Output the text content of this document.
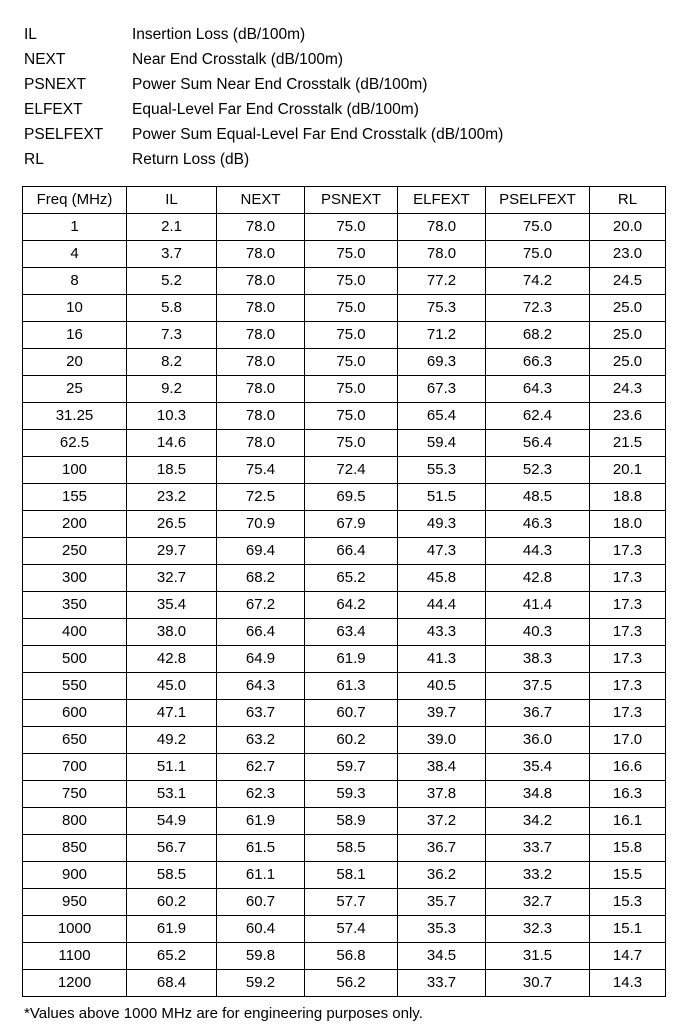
IL	Insertion Loss (dB/100m)
NEXT	Near End Crosstalk (dB/100m)
PSNEXT	Power Sum Near End Crosstalk (dB/100m)
ELFEXT	Equal-Level Far End Crosstalk (dB/100m)
PSELFEXT	Power Sum Equal-Level Far End Crosstalk (dB/100m)
RL	Return Loss (dB)
Freq (MHz)	IL	NEXT	PSNEXT	ELFEXT	PSELFEXT	RL
1	2.1	78.0	75.0	78.0	75.0	20.0
4	3.7	78.0	75.0	78.0	75.0	23.0
8	5.2	78.0	75.0	77.2	74.2	24.5
10	5.8	78.0	75.0	75.3	72.3	25.0
16	7.3	78.0	75.0	71.2	68.2	25.0
20	8.2	78.0	75.0	69.3	66.3	25.0
25	9.2	78.0	75.0	67.3	64.3	24.3
31.25	10.3	78.0	75.0	65.4	62.4	23.6
62.5	14.6	78.0	75.0	59.4	56.4	21.5
100	18.5	75.4	72.4	55.3	52.3	20.1
155	23.2	72.5	69.5	51.5	48.5	18.8
200	26.5	70.9	67.9	49.3	46.3	18.0
250	29.7	69.4	66.4	47.3	44.3	17.3
300	32.7	68.2	65.2	45.8	42.8	17.3
350	35.4	67.2	64.2	44.4	41.4	17.3
400	38.0	66.4	63.4	43.3	40.3	17.3
500	42.8	64.9	61.9	41.3	38.3	17.3
550	45.0	64.3	61.3	40.5	37.5	17.3
600	47.1	63.7	60.7	39.7	36.7	17.3
650	49.2	63.2	60.2	39.0	36.0	17.0
700	51.1	62.7	59.7	38.4	35.4	16.6
750	53.1	62.3	59.3	37.8	34.8	16.3
800	54.9	61.9	58.9	37.2	34.2	16.1
850	56.7	61.5	58.5	36.7	33.7	15.8
900	58.5	61.1	58.1	36.2	33.2	15.5
950	60.2	60.7	57.7	35.7	32.7	15.3
1000	61.9	60.4	57.4	35.3	32.3	15.1
1100	65.2	59.8	56.8	34.5	31.5	14.7
1200	68.4	59.2	56.2	33.7	30.7	14.3
*Values above 1000 MHz are for engineering purposes only.
